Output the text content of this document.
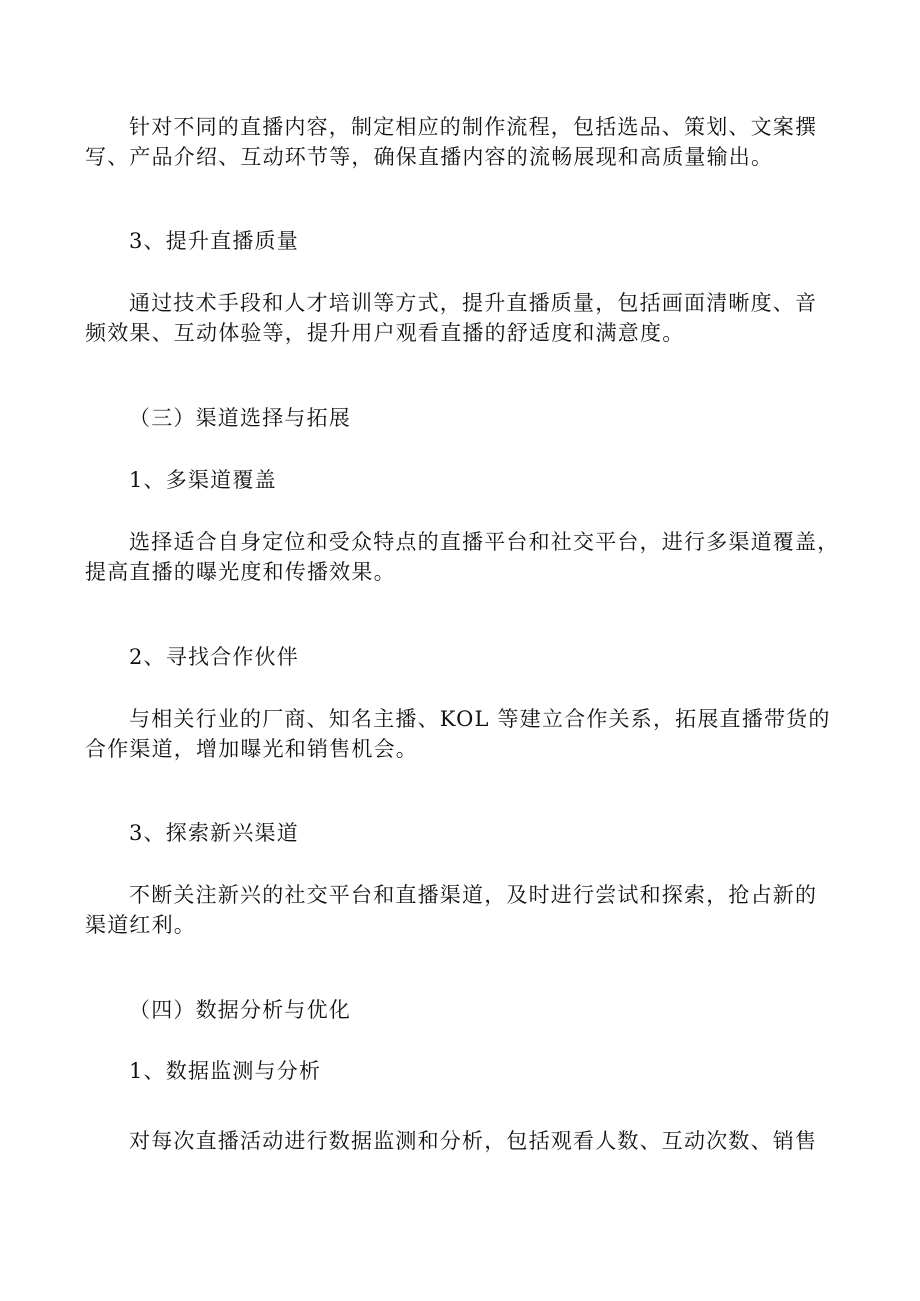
针对不同的直播内容，制定相应的制作流程，包括选品、策划、文案撰
写、产品介绍、互动环节等，确保直播内容的流畅展现和高质量输出。
3、提升直播质量
通过技术手段和人才培训等方式，提升直播质量，包括画面清晰度、音
频效果、互动体验等，提升用户观看直播的舒适度和满意度。
（三）渠道选择与拓展
1、多渠道覆盖
选择适合自身定位和受众特点的直播平台和社交平台，进行多渠道覆盖，
提高直播的曝光度和传播效果。
2、寻找合作伙伴
与相关行业的厂商、知名主播、KOL 等建立合作关系，拓展直播带货的
合作渠道，增加曝光和销售机会。
3、探索新兴渠道
不断关注新兴的社交平台和直播渠道，及时进行尝试和探索，抢占新的
渠道红利。
（四）数据分析与优化
1、数据监测与分析
对每次直播活动进行数据监测和分析，包括观看人数、互动次数、销售
